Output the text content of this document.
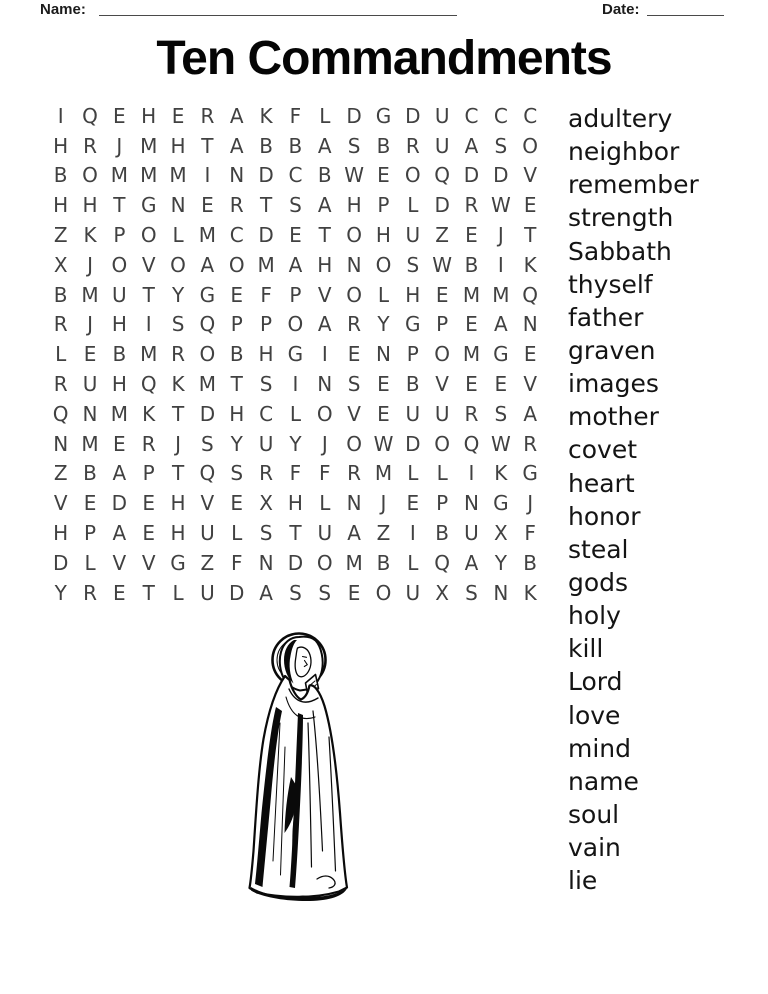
Name:	Date:
Ten Commandments
I Q E H E R A K F L D G D U C C C
H R J M H T A B B A S B R U A S O
B O M M M I N D C B W E O Q D D V
H H T G N E R T S A H P L D R W E
Z K P O L M C D E T O H U Z E	J	T
X J O V O A O M A H N O S W B I K
B M U T Y G E F P V O L H E M M Q
R J H I	S Q P P O A R Y G P E A N
L E B M R O B H G I	E N P O M G E
R U H Q K M T S	I N S E B V E E V
Q N M K T D H C L O V E U U R S A
N M E R J	S Y U Y	J O W D O Q W R
Z B A P T Q S R F F R M L L	I K G
V E D E H V E X H L N J	E P N G J
H P A E H U L S T U A Z I B U X F
D L V V G Z F N D O M B L Q A Y B
Y R E T L U D A S S E O U X S N K
adultery
neighbor
remember
strength
Sabbath
thyself
father
graven
images
mother
covet
heart
honor
steal
gods
holy
kill
Lord
love
mind
name
soul
vain
lie
